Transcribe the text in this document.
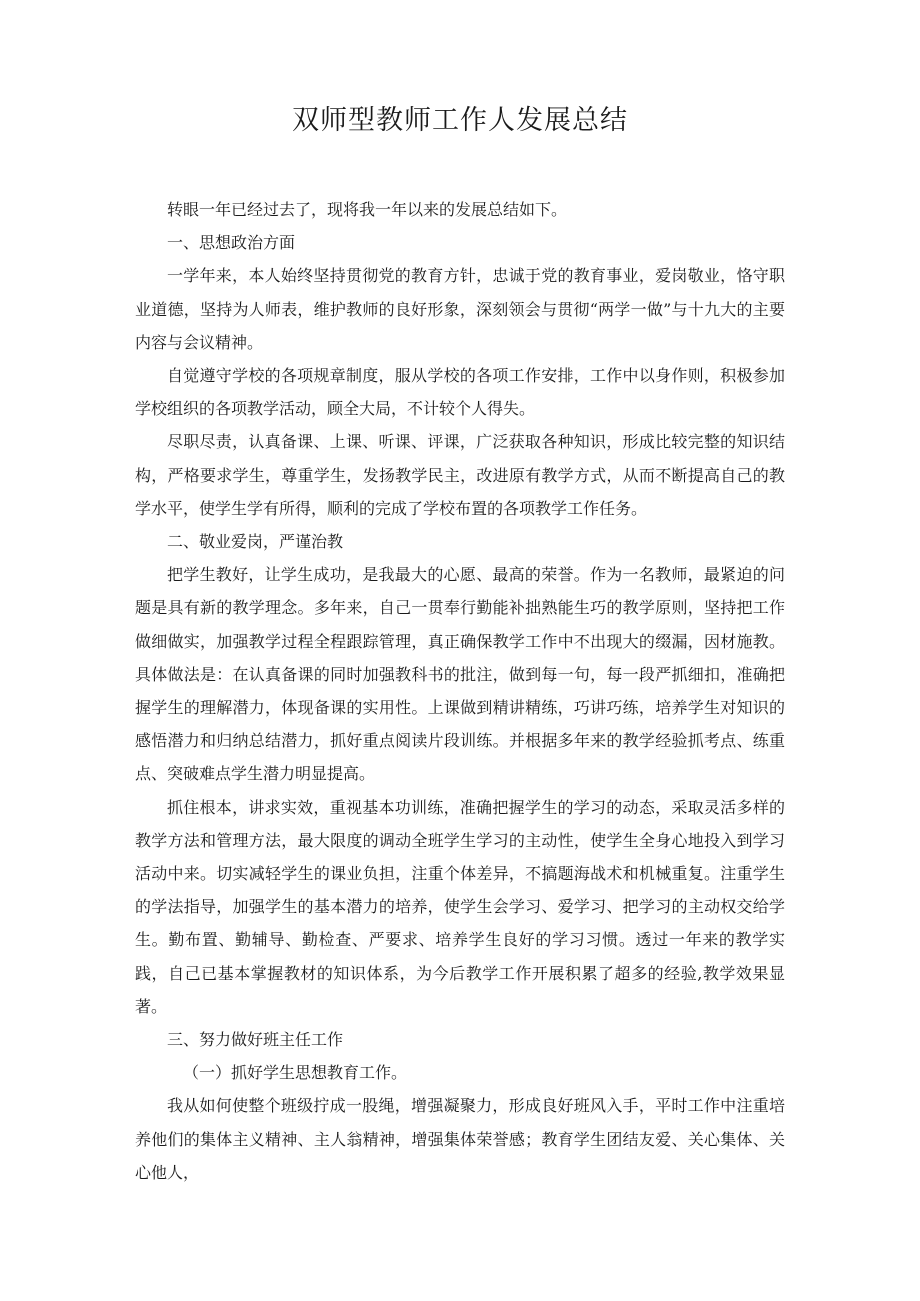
双师型教师工作人发展总结

转眼一年已经过去了，现将我一年以来的发展总结如下。

一、思想政治方面

一学年来，本人始终坚持贯彻党的教育方针，忠诚于党的教育事业，爱岗敬业，恪守职业道德，坚持为人师表，维护教师的良好形象，深刻领会与贯彻“两学一做”与十九大的主要内容与会议精神。

自觉遵守学校的各项规章制度，服从学校的各项工作安排，工作中以身作则，积极参加学校组织的各项教学活动，顾全大局，不计较个人得失。

尽职尽责，认真备课、上课、听课、评课，广泛获取各种知识，形成比较完整的知识结构，严格要求学生，尊重学生，发扬教学民主，改进原有教学方式，从而不断提高自己的教学水平，使学生学有所得，顺利的完成了学校布置的各项教学工作任务。

二、敬业爱岗，严谨治教

把学生教好，让学生成功，是我最大的心愿、最高的荣誉。作为一名教师，最紧迫的问题是具有新的教学理念。多年来，自己一贯奉行勤能补拙熟能生巧的教学原则，坚持把工作做细做实，加强教学过程全程跟踪管理，真正确保教学工作中不出现大的缀漏，因材施教。具体做法是：在认真备课的同时加强教科书的批注，做到每一句，每一段严抓细扣，准确把握学生的理解潜力，体现备课的实用性。上课做到精讲精练，巧讲巧练，培养学生对知识的感悟潜力和归纳总结潜力，抓好重点阅读片段训练。并根据多年来的教学经验抓考点、练重点、突破难点学生潜力明显提高。

抓住根本，讲求实效，重视基本功训练，准确把握学生的学习的动态，采取灵活多样的教学方法和管理方法，最大限度的调动全班学生学习的主动性，使学生全身心地投入到学习活动中来。切实减轻学生的课业负担，注重个体差异，不搞题海战术和机械重复。注重学生的学法指导，加强学生的基本潜力的培养，使学生会学习、爱学习、把学习的主动权交给学生。勤布置、勤辅导、勤检查、严要求、培养学生良好的学习习惯。透过一年来的教学实践，自己已基本掌握教材的知识体系，为今后教学工作开展积累了超多的经验,教学效果显著。

三、努力做好班主任工作

（一）抓好学生思想教育工作。

我从如何使整个班级拧成一股绳，增强凝聚力，形成良好班风入手，平时工作中注重培养他们的集体主义精神、主人翁精神，增强集体荣誉感；教育学生团结友爱、关心集体、关心他人，
